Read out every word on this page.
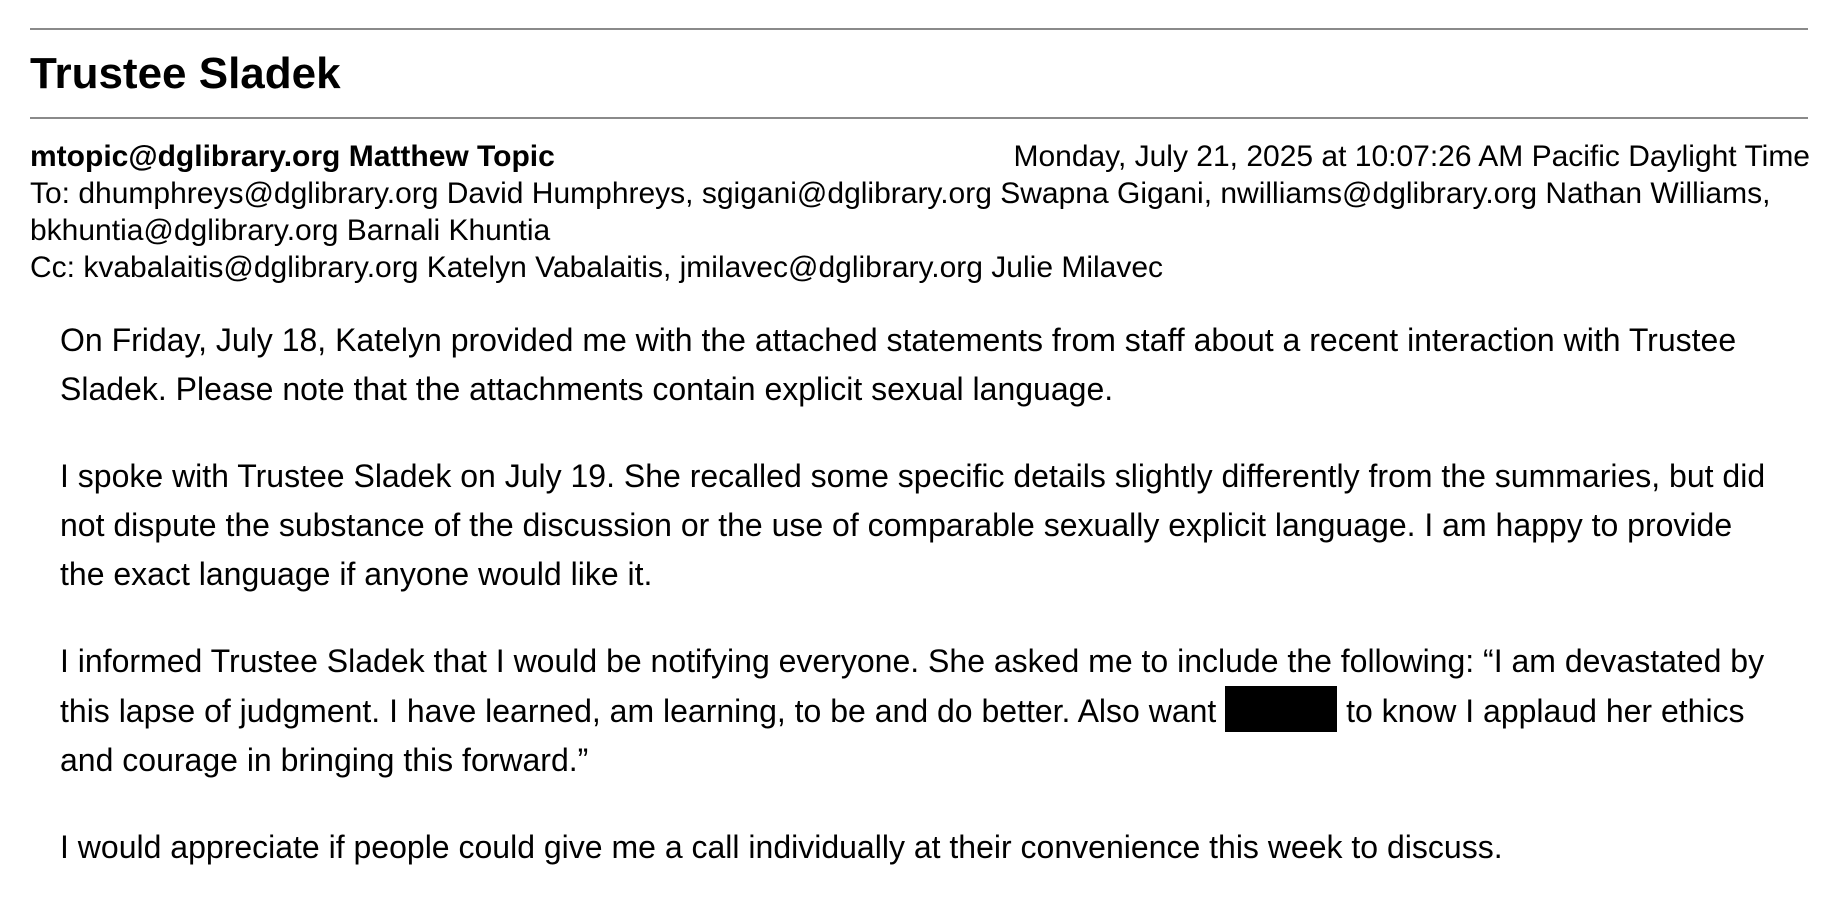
Trustee Sladek
mtopic@dglibrary.org Matthew Topic	Monday, July 21, 2025 at 10:07:26 AM Pacific Daylight Time
To: dhumphreys@dglibrary.org David Humphreys, sgigani@dglibrary.org Swapna Gigani, nwilliams@dglibrary.org Nathan Williams, bkhuntia@dglibrary.org Barnali Khuntia
Cc: kvabalaitis@dglibrary.org Katelyn Vabalaitis, jmilavec@dglibrary.org Julie Milavec

On Friday, July 18, Katelyn provided me with the attached statements from staff about a recent interaction with Trustee Sladek. Please note that the attachments contain explicit sexual language.

I spoke with Trustee Sladek on July 19. She recalled some specific details slightly differently from the summaries, but did not dispute the substance of the discussion or the use of comparable sexually explicit language. I am happy to provide the exact language if anyone would like it.

I informed Trustee Sladek that I would be notifying everyone. She asked me to include the following: “I am devastated by this lapse of judgment. I have learned, am learning, to be and do better. Also want	to know I applaud her ethics and courage in bringing this forward.”

I would appreciate if people could give me a call individually at their convenience this week to discuss.
